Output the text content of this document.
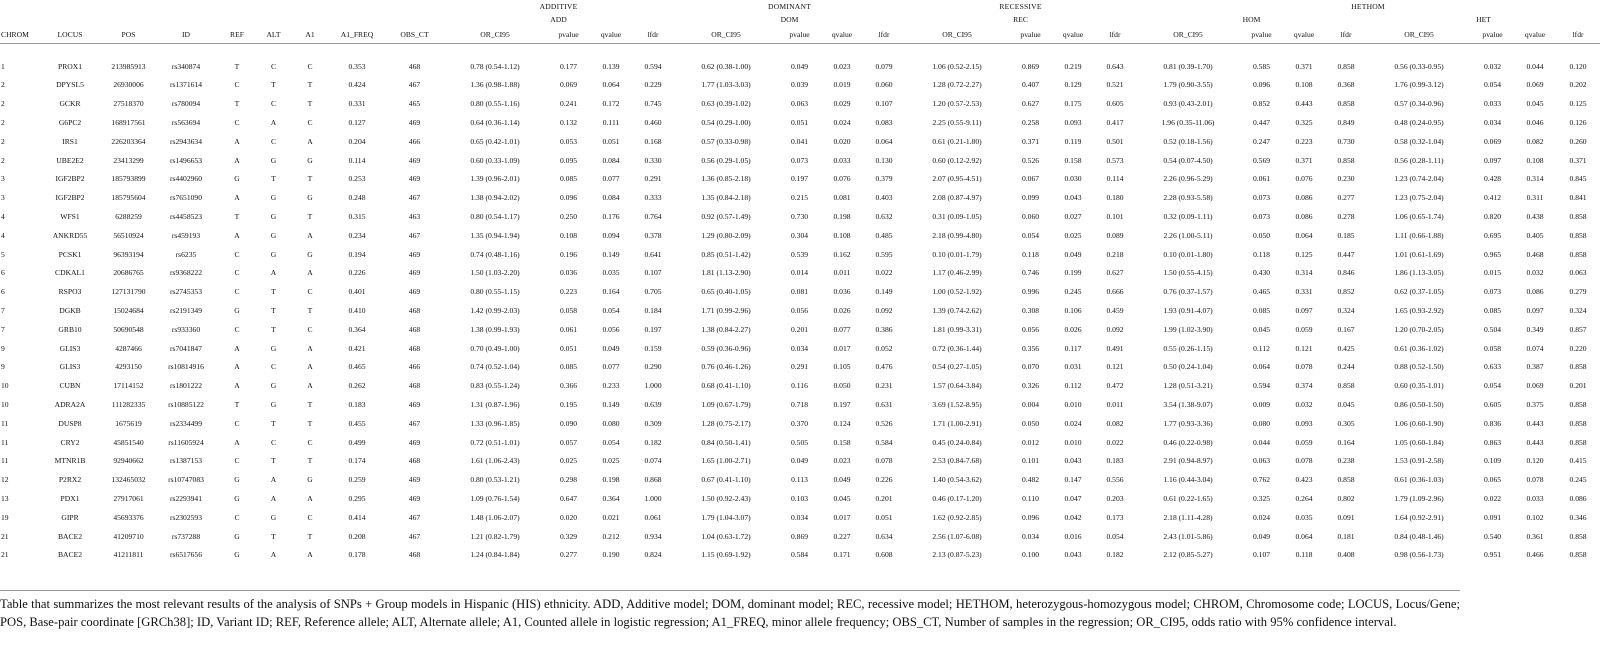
									ADDITIVE				DOMINANT				RECESSIVE				HETHOM							
									ADD				DOM				REC				HOM				HET			
CHROM	LOCUS	POS	ID	REF	ALT	A1	A1_FREQ	OBS_CT	OR_CI95	pvalue	qvalue	lfdr	OR_CI95	pvalue	qvalue	lfdr	OR_CI95	pvalue	qvalue	lfdr	OR_CI95	pvalue	qvalue	lfdr	OR_CI95	pvalue	qvalue	lfdr

1	PROX1	213985913	rs340874	T	C	C	0.353	468	0.78 (0.54-1.12)	0.177	0.139	0.594	0.62 (0.38-1.00)	0.049	0.023	0.079	1.06 (0.52-2.15)	0.869	0.219	0.643	0.81 (0.39-1.70)	0.585	0.371	0.858	0.56 (0.33-0.95)	0.032	0.044	0.120
2	DPYSL5	26930006	rs1371614	C	T	T	0.424	467	1.36 (0.98-1.88)	0.069	0.064	0.229	1.77 (1.03-3.03)	0.039	0.019	0.060	1.28 (0.72-2.27)	0.407	0.129	0.521	1.79 (0.90-3.55)	0.096	0.108	0.368	1.76 (0.99-3.12)	0.054	0.069	0.202
2	GCKR	27518370	rs780094	T	C	T	0.331	465	0.80 (0.55-1.16)	0.241	0.172	0.745	0.63 (0.39-1.02)	0.063	0.029	0.107	1.20 (0.57-2.53)	0.627	0.175	0.605	0.93 (0.43-2.01)	0.852	0.443	0.858	0.57 (0.34-0.96)	0.033	0.045	0.125
2	G6PC2	168917561	rs563694	C	A	C	0.127	469	0.64 (0.36-1.14)	0.132	0.111	0.460	0.54 (0.29-1.00)	0.051	0.024	0.083	2.25 (0.55-9.11)	0.258	0.093	0.417	1.96 (0.35-11.06)	0.447	0.325	0.849	0.48 (0.24-0.95)	0.034	0.046	0.126
2	IRS1	226203364	rs2943634	A	C	A	0.204	466	0.65 (0.42-1.01)	0.053	0.051	0.168	0.57 (0.33-0.98)	0.041	0.020	0.064	0.61 (0.21-1.80)	0.371	0.119	0.501	0.52 (0.18-1.56)	0.247	0.223	0.730	0.58 (0.32-1.04)	0.069	0.082	0.260
2	UBE2E2	23413299	rs1496653	A	G	G	0.114	469	0.60 (0.33-1.09)	0.095	0.084	0.330	0.56 (0.29-1.05)	0.073	0.033	0.130	0.60 (0.12-2.92)	0.526	0.158	0.573	0.54 (0.07-4.50)	0.569	0.371	0.858	0.56 (0.28-1.11)	0.097	0.108	0.371
3	IGF2BP2	185793899	rs4402960	G	T	T	0.253	469	1.39 (0.96-2.01)	0.085	0.077	0.291	1.36 (0.85-2.18)	0.197	0.076	0.379	2.07 (0.95-4.51)	0.067	0.030	0.114	2.26 (0.96-5.29)	0.061	0.076	0.230	1.23 (0.74-2.04)	0.428	0.314	0.845
3	IGF2BP2	185795604	rs7651090	A	G	G	0.248	467	1.38 (0.94-2.02)	0.096	0.084	0.333	1.35 (0.84-2.18)	0.215	0.081	0.403	2.08 (0.87-4.97)	0.099	0.043	0.180	2.28 (0.93-5.58)	0.073	0.086	0.277	1.23 (0.75-2.04)	0.412	0.311	0.841
4	WFS1	6288259	rs4458523	T	G	T	0.315	463	0.80 (0.54-1.17)	0.250	0.176	0.764	0.92 (0.57-1.49)	0.730	0.198	0.632	0.31 (0.09-1.05)	0.060	0.027	0.101	0.32 (0.09-1.11)	0.073	0.086	0.278	1.06 (0.65-1.74)	0.820	0.438	0.858
4	ANKRD55	56510924	rs459193	A	G	A	0.234	467	1.35 (0.94-1.94)	0.108	0.094	0.378	1.29 (0.80-2.09)	0.304	0.108	0.485	2.18 (0.99-4.80)	0.054	0.025	0.089	2.26 (1.00-5.11)	0.050	0.064	0.185	1.11 (0.66-1.88)	0.695	0.405	0.858
5	PCSK1	96393194	rs6235	C	G	G	0.194	469	0.74 (0.48-1.16)	0.196	0.149	0.641	0.85 (0.51-1.42)	0.539	0.162	0.595	0.10 (0.01-1.79)	0.118	0.049	0.218	0.10 (0.01-1.80)	0.118	0.125	0.447	1.01 (0.61-1.69)	0.965	0.468	0.858
6	CDKAL1	20686765	rs9368222	C	A	A	0.226	469	1.50 (1.03-2.20)	0.036	0.035	0.107	1.81 (1.13-2.90)	0.014	0.011	0.022	1.17 (0.46-2.99)	0.746	0.199	0.627	1.50 (0.55-4.15)	0.430	0.314	0.846	1.86 (1.13-3.05)	0.015	0.032	0.063
6	RSPO3	127131790	rs2745353	C	T	C	0.401	469	0.80 (0.55-1.15)	0.223	0.164	0.705	0.65 (0.40-1.05)	0.081	0.036	0.149	1.00 (0.52-1.92)	0.996	0.245	0.666	0.76 (0.37-1.57)	0.465	0.331	0.852	0.62 (0.37-1.05)	0.073	0.086	0.279
7	DGKB	15024684	rs2191349	G	T	T	0.410	468	1.42 (0.99-2.03)	0.058	0.054	0.184	1.71 (0.99-2.96)	0.056	0.026	0.092	1.39 (0.74-2.62)	0.308	0.106	0.459	1.93 (0.91-4.07)	0.085	0.097	0.324	1.65 (0.93-2.92)	0.085	0.097	0.324
7	GRB10	50690548	rs933360	C	T	C	0.364	468	1.38 (0.99-1.93)	0.061	0.056	0.197	1.38 (0.84-2.27)	0.201	0.077	0.386	1.81 (0.99-3.31)	0.056	0.026	0.092	1.99 (1.02-3.90)	0.045	0.059	0.167	1.20 (0.70-2.05)	0.504	0.349	0.857
9	GLIS3	4287466	rs7041847	A	G	A	0.421	468	0.70 (0.49-1.00)	0.051	0.049	0.159	0.59 (0.36-0.96)	0.034	0.017	0.052	0.72 (0.36-1.44)	0.356	0.117	0.491	0.55 (0.26-1.15)	0.112	0.121	0.425	0.61 (0.36-1.02)	0.058	0.074	0.220
9	GLIS3	4293150	rs10814916	A	C	A	0.465	466	0.74 (0.52-1.04)	0.085	0.077	0.290	0.76 (0.46-1.26)	0.291	0.105	0.476	0.54 (0.27-1.05)	0.070	0.031	0.121	0.50 (0.24-1.04)	0.064	0.078	0.244	0.88 (0.52-1.50)	0.633	0.387	0.858
10	CUBN	17114152	rs1801222	A	G	A	0.262	468	0.83 (0.55-1.24)	0.366	0.233	1.000	0.68 (0.41-1.10)	0.116	0.050	0.231	1.57 (0.64-3.84)	0.326	0.112	0.472	1.28 (0.51-3.21)	0.594	0.374	0.858	0.60 (0.35-1.01)	0.054	0.069	0.201
10	ADRA2A	111282335	rs10885122	T	G	T	0.183	469	1.31 (0.87-1.96)	0.195	0.149	0.639	1.09 (0.67-1.79)	0.718	0.197	0.631	3.69 (1.52-8.95)	0.004	0.010	0.011	3.54 (1.38-9.07)	0.009	0.032	0.045	0.86 (0.50-1.50)	0.605	0.375	0.858
11	DUSP8	1675619	rs2334499	C	T	T	0.455	467	1.33 (0.96-1.85)	0.090	0.080	0.309	1.28 (0.75-2.17)	0.370	0.124	0.526	1.71 (1.00-2.91)	0.050	0.024	0.082	1.77 (0.93-3.36)	0.080	0.093	0.305	1.06 (0.60-1.90)	0.836	0.443	0.858
11	CRY2	45851540	rs11605924	A	C	C	0.499	469	0.72 (0.51-1.01)	0.057	0.054	0.182	0.84 (0.50-1.41)	0.505	0.158	0.584	0.45 (0.24-0.84)	0.012	0.010	0.022	0.46 (0.22-0.98)	0.044	0.059	0.164	1.05 (0.60-1.84)	0.863	0.443	0.858
11	MTNR1B	92940662	rs1387153	C	T	T	0.174	468	1.61 (1.06-2.43)	0.025	0.025	0.074	1.65 (1.00-2.71)	0.049	0.023	0.078	2.53 (0.84-7.68)	0.101	0.043	0.183	2.91 (0.94-8.97)	0.063	0.078	0.238	1.53 (0.91-2.58)	0.109	0.120	0.415
12	P2RX2	132465032	rs10747083	G	A	G	0.259	469	0.80 (0.53-1.21)	0.298	0.198	0.868	0.67 (0.41-1.10)	0.113	0.049	0.226	1.40 (0.54-3.62)	0.482	0.147	0.556	1.16 (0.44-3.04)	0.762	0.423	0.858	0.61 (0.36-1.03)	0.065	0.078	0.245
13	PDX1	27917061	rs2293941	G	A	A	0.295	469	1.09 (0.76-1.54)	0.647	0.364	1.000	1.50 (0.92-2.43)	0.103	0.045	0.201	0.46 (0.17-1.20)	0.110	0.047	0.203	0.61 (0.22-1.65)	0.325	0.264	0.802	1.79 (1.09-2.96)	0.022	0.033	0.086
19	GIPR	45693376	rs2302593	C	G	C	0.414	467	1.48 (1.06-2.07)	0.020	0.021	0.061	1.79 (1.04-3.07)	0.034	0.017	0.051	1.62 (0.92-2.85)	0.096	0.042	0.173	2.18 (1.11-4.28)	0.024	0.035	0.091	1.64 (0.92-2.91)	0.091	0.102	0.346
21	BACE2	41209710	rs737288	G	T	T	0.208	467	1.21 (0.82-1.79)	0.329	0.212	0.934	1.04 (0.63-1.72)	0.869	0.227	0.634	2.56 (1.07-6.08)	0.034	0.016	0.054	2.43 (1.01-5.86)	0.049	0.064	0.181	0.84 (0.48-1.46)	0.540	0.361	0.858
21	BACE2	41211811	rs6517656	G	A	A	0.178	468	1.24 (0.84-1.84)	0.277	0.190	0.824	1.15 (0.69-1.92)	0.584	0.171	0.608	2.13 (0.87-5.23)	0.100	0.043	0.182	2.12 (0.85-5.27)	0.107	0.118	0.408	0.98 (0.56-1.73)	0.951	0.466	0.858
Table that summarizes the most relevant results of the analysis of SNPs + Group models in Hispanic (HIS) ethnicity. ADD, Additive model; DOM, dominant model; REC, recessive model; HETHOM, heterozygous-homozygous model; CHROM, Chromosome code; LOCUS, Locus/Gene; POS, Base-pair coordinate [GRCh38]; ID, Variant ID; REF, Reference allele; ALT, Alternate allele; A1, Counted allele in logistic regression; A1_FREQ, minor allele frequency; OBS_CT, Number of samples in the regression; OR_CI95, odds ratio with 95% confidence interval.
